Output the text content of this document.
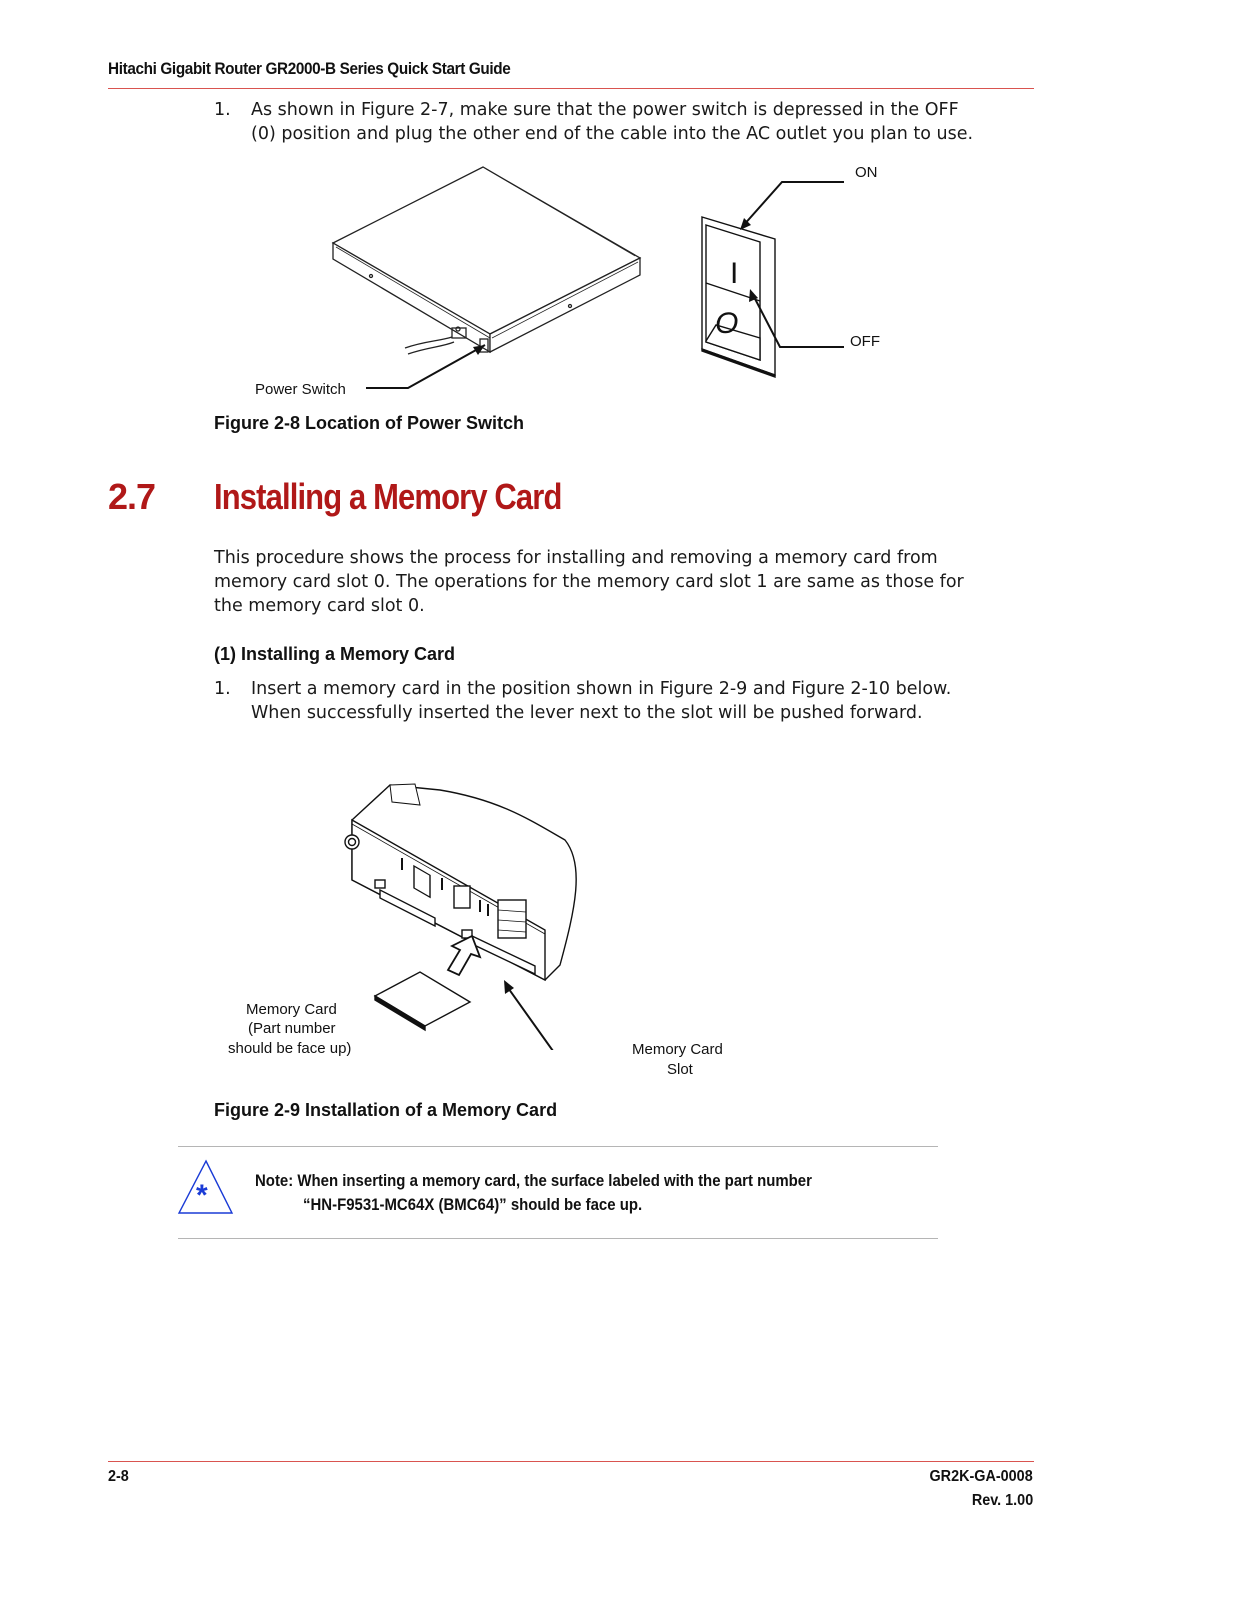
Hitachi Gigabit Router GR2000-B Series Quick Start Guide
1. As shown in Figure 2-7, make sure that the power switch is depressed in the OFF
(0) position and plug the other end of the cable into the AC outlet you plan to use.
I
O
ON
OFF
Power Switch
Figure 2-8 Location of Power Switch
2.7 Installing a Memory Card
This procedure shows the process for installing and removing a memory card from
memory card slot 0. The operations for the memory card slot 1 are same as those for
the memory card slot 0.
(1) Installing a Memory Card
1. Insert a memory card in the position shown in Figure 2-9 and Figure 2-10 below.
When successfully inserted the lever next to the slot will be pushed forward.
Memory Card
(Part number
should be face up)	Memory Card
Slot
Figure 2-9 Installation of a Memory Card
*	Note: When inserting a memory card, the surface labeled with the part number
“HN-F9531-MC64X (BMC64)” should be face up.
2-8	GR2K-GA-0008
Rev. 1.00
